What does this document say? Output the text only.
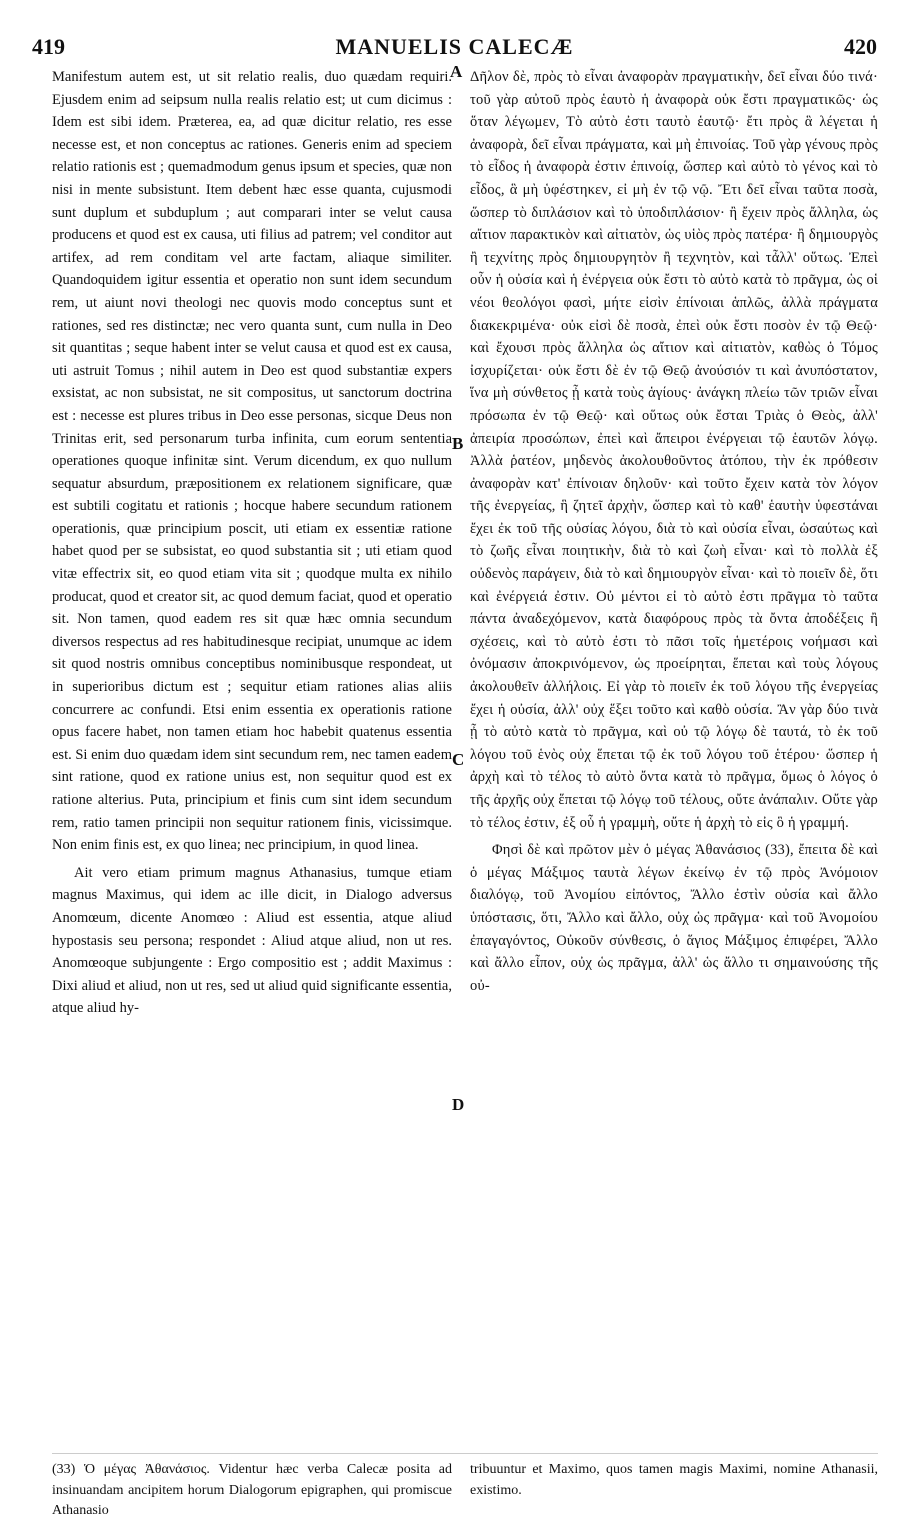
419	MANUELIS CALECÆ	420

Manifestum autem est, ut sit relatio realis, duo quædam requiri. Ejusdem enim ad seipsum nulla realis relatio est; ut cum dicimus : Idem est sibi idem. Præterea, ea, ad quæ dicitur relatio, res esse necesse est, et non conceptus ac rationes. Generis enim ad speciem relatio rationis est ; quemadmodum genus ipsum et species, quæ non nisi in mente subsistunt. Item debent hæc esse quanta, cujusmodi sunt duplum et subduplum ; aut comparari inter se velut causa producens et quod est ex causa, uti filius ad patrem; vel conditor aut artifex, ad rem conditam vel arte factam, aliaque similiter. Quandoquidem igitur essentia et operatio non sunt idem secundum rem, ut aiunt novi theologi nec quovis modo conceptus sunt et rationes, sed res distinctæ; nec vero quanta sunt, cum nulla in Deo sit quantitas ; seque habent inter se velut causa et quod est ex causa, uti astruit Tomus ; nihil autem in Deo est quod substantiæ expers exsistat, ac non subsistat, ne sit compositus, ut sanctorum doctrina est : necesse est plures tribus in Deo esse personas, sicque Deus non Trinitas erit, sed personarum turba infinita, cum eorum sententia operationes quoque infinitæ sint. Verum dicendum, ex quo nullum sequatur absurdum, præpositionem ex relationem significare, quæ est subtili cogitatu et rationis ; hocque habere secundum rationem operationis, quæ principium poscit, uti etiam ex essentiæ ratione habet quod per se subsistat, eo quod substantia sit ; uti etiam quod vitæ effectrix sit, eo quod etiam vita sit ; quodque multa ex nihilo producat, quod et creator sit, ac quod demum faciat, quod et operatio sit. Non tamen, quod eadem res sit quæ hæc omnia secundum diversos respectus ad res habitudinesque recipiat, unumque ac idem sit quod nostris omnibus conceptibus nominibusque respondeat, ut in superioribus dictum est ; sequitur etiam rationes alias aliis concurrere ac confundi. Etsi enim essentia ex operationis ratione opus facere habet, non tamen etiam hoc habebit quatenus essentia est. Si enim duo quædam idem sint secundum rem, nec tamen eadem sint ratione, quod ex ratione unius est, non sequitur quod est ex ratione alterius. Puta, principium et finis cum sint idem secundum rem, ratio tamen principii non sequitur rationem finis, vicissimque. Non enim finis est, ex quo linea; nec principium, in quod linea.

Ait vero etiam primum magnus Athanasius, tumque etiam magnus Maximus, qui idem ac ille dicit, in Dialogo adversus Anomœum, dicente Anomœo : Aliud est essentia, atque aliud hypostasis seu persona; respondet : Aliud atque aliud, non ut res. Anomœoque subjungente : Ergo compositio est ; addit Maximus : Dixi aliud et aliud, non ut res, sed ut aliud quid significante essentia, atque aliud hy-

Δῆλον δὲ, πρὸς τὸ εἶναι ἀναφορὰν πραγματικὴν, δεῖ εἶναι δύο τινά· τοῦ γὰρ αὐτοῦ πρὸς ἑαυτὸ ἡ ἀναφορὰ οὐκ ἔστι πραγματικῶς· ὡς ὅταν λέγωμεν, Τὸ αὐτὸ ἐστι ταυτὸ ἑαυτῷ· ἔτι πρὸς ἃ λέγεται ἡ ἀναφορὰ, δεῖ εἶναι πράγματα, καὶ μὴ ἐπινοίας. Τοῦ γὰρ γένους πρὸς τὸ εἶδος ἡ ἀναφορὰ ἐστιν ἐπινοίᾳ, ὥσπερ καὶ αὐτὸ τὸ γένος καὶ τὸ εἶδος, ἃ μὴ ὑφέστηκεν, εἰ μὴ ἐν τῷ νῷ. Ἔτι δεῖ εἶναι ταῦτα ποσὰ, ὥσπερ τὸ διπλάσιον καὶ τὸ ὑποδιπλάσιον· ἢ ἔχειν πρὸς ἄλληλα, ὡς αἴτιον παρακτικὸν καὶ αἰτιατὸν, ὡς υἱὸς πρὸς πατέρα· ἢ δημιουργὸς ἢ τεχνίτης πρὸς δημιουργητὸν ἢ τεχνητὸν, καὶ τἆλλ' οὕτως. Ἐπεὶ οὖν ἡ οὐσία καὶ ἡ ἐνέργεια οὐκ ἔστι τὸ αὐτὸ κατὰ τὸ πρᾶγμα, ὡς οἱ νέοι θεολόγοι φασὶ, μήτε εἰσὶν ἐπίνοιαι ἁπλῶς, ἀλλὰ πράγματα διακεκριμένα· οὐκ εἰσὶ δὲ ποσὰ, ἐπεὶ οὐκ ἔστι ποσὸν ἐν τῷ Θεῷ· καὶ ἔχουσι πρὸς ἄλληλα ὡς αἴτιον καὶ αἰτιατὸν, καθὼς ὁ Τόμος ἰσχυρίζεται· οὐκ ἔστι δὲ ἐν τῷ Θεῷ ἀνούσιόν τι καὶ ἀνυπόστατον, ἵνα μὴ σύνθετος ᾖ κατὰ τοὺς ἁγίους· ἀνάγκη πλείω τῶν τριῶν εἶναι πρόσωπα ἐν τῷ Θεῷ· καὶ οὕτως οὐκ ἔσται Τριὰς ὁ Θεὸς, ἀλλ' ἀπειρία προσώπων, ἐπεὶ καὶ ἄπειροι ἐνέργειαι τῷ ἑαυτῶν λόγῳ. Ἀλλὰ ῥατέον, μηδενὸς ἀκολουθοῦντος ἀτόπου, τὴν ἐκ πρόθεσιν ἀναφορὰν κατ' ἐπίνοιαν δηλοῦν· καὶ τοῦτο ἔχειν κατὰ τὸν λόγον τῆς ἐνεργείας, ἣ ζητεῖ ἀρχὴν, ὥσπερ καὶ τὸ καθ' ἑαυτὴν ὑφεστάναι ἔχει ἐκ τοῦ τῆς οὐσίας λόγου, διὰ τὸ καὶ οὐσία εἶναι, ὡσαύτως καὶ τὸ ζωῆς εἶναι ποιητικὴν, διὰ τὸ καὶ ζωὴ εἶναι· καὶ τὸ πολλὰ ἐξ οὐδενὸς παράγειν, διὰ τὸ καὶ δημιουργὸν εἶναι· καὶ τὸ ποιεῖν δὲ, ὅτι καὶ ἐνέργειά ἐστιν. Οὐ μέντοι εἰ τὸ αὐτὸ ἐστι πρᾶγμα τὸ ταῦτα πάντα ἀναδεχόμενον, κατὰ διαφόρους πρὸς τὰ ὄντα ἀποδέξεις ἢ σχέσεις, καὶ τὸ αὐτὸ ἐστι τὸ πᾶσι τοῖς ἡμετέροις νοήμασι καὶ ὀνόμασιν ἀποκρινόμενον, ὡς προείρηται, ἕπεται καὶ τοὺς λόγους ἀκολουθεῖν ἀλλήλοις. Εἰ γὰρ τὸ ποιεῖν ἐκ τοῦ λόγου τῆς ἐνεργείας ἔχει ἡ οὐσία, ἀλλ' οὐχ ἕξει τοῦτο καὶ καθὸ οὐσία. Ἂν γὰρ δύο τινὰ ᾖ τὸ αὐτὸ κατὰ τὸ πρᾶγμα, καὶ οὐ τῷ λόγῳ δὲ ταυτά, τὸ ἐκ τοῦ λόγου τοῦ ἑνὸς οὐχ ἕπεται τῷ ἐκ τοῦ λόγου τοῦ ἑτέρου· ὥσπερ ἡ ἀρχὴ καὶ τὸ τέλος τὸ αὐτὸ ὄντα κατὰ τὸ πρᾶγμα, ὅμως ὁ λόγος ὁ τῆς ἀρχῆς οὐχ ἕπεται τῷ λόγῳ τοῦ τέλους, οὔτε ἀνάπαλιν. Οὔτε γὰρ τὸ τέλος ἐστιν, ἐξ οὗ ἡ γραμμὴ, οὔτε ἡ ἀρχὴ τὸ εἰς ὃ ἡ γραμμή.

Φησὶ δὲ καὶ πρῶτον μὲν ὁ μέγας Ἀθανάσιος (33), ἔπειτα δὲ καὶ ὁ μέγας Μάξιμος ταυτὰ λέγων ἐκείνῳ ἐν τῷ πρὸς Ἀνόμοιον διαλόγῳ, τοῦ Ἀνομίου εἰπόντος, Ἄλλο ἐστὶν οὐσία καὶ ἄλλο ὑπόστασις, ὅτι, Ἄλλο καὶ ἄλλο, οὐχ ὡς πρᾶγμα· καὶ τοῦ Ἀνομοίου ἐπαγαγόντος, Οὐκοῦν σύνθεσις, ὁ ἅγιος Μάξιμος ἐπιφέρει, Ἄλλο καὶ ἄλλο εἶπον, οὐχ ὡς πρᾶγμα, ἀλλ' ὡς ἄλλο τι σημαινούσης τῆς οὐ-

A
B
C
D
(33) Ὁ μέγας Ἀθανάσιος. Videntur hæc verba Calecæ posita ad insinuandam ancipitem horum Dialogorum epigraphen, qui promiscue Athanasio
tribuuntur et Maximo, quos tamen magis Maximi, nomine Athanasii, existimo.
